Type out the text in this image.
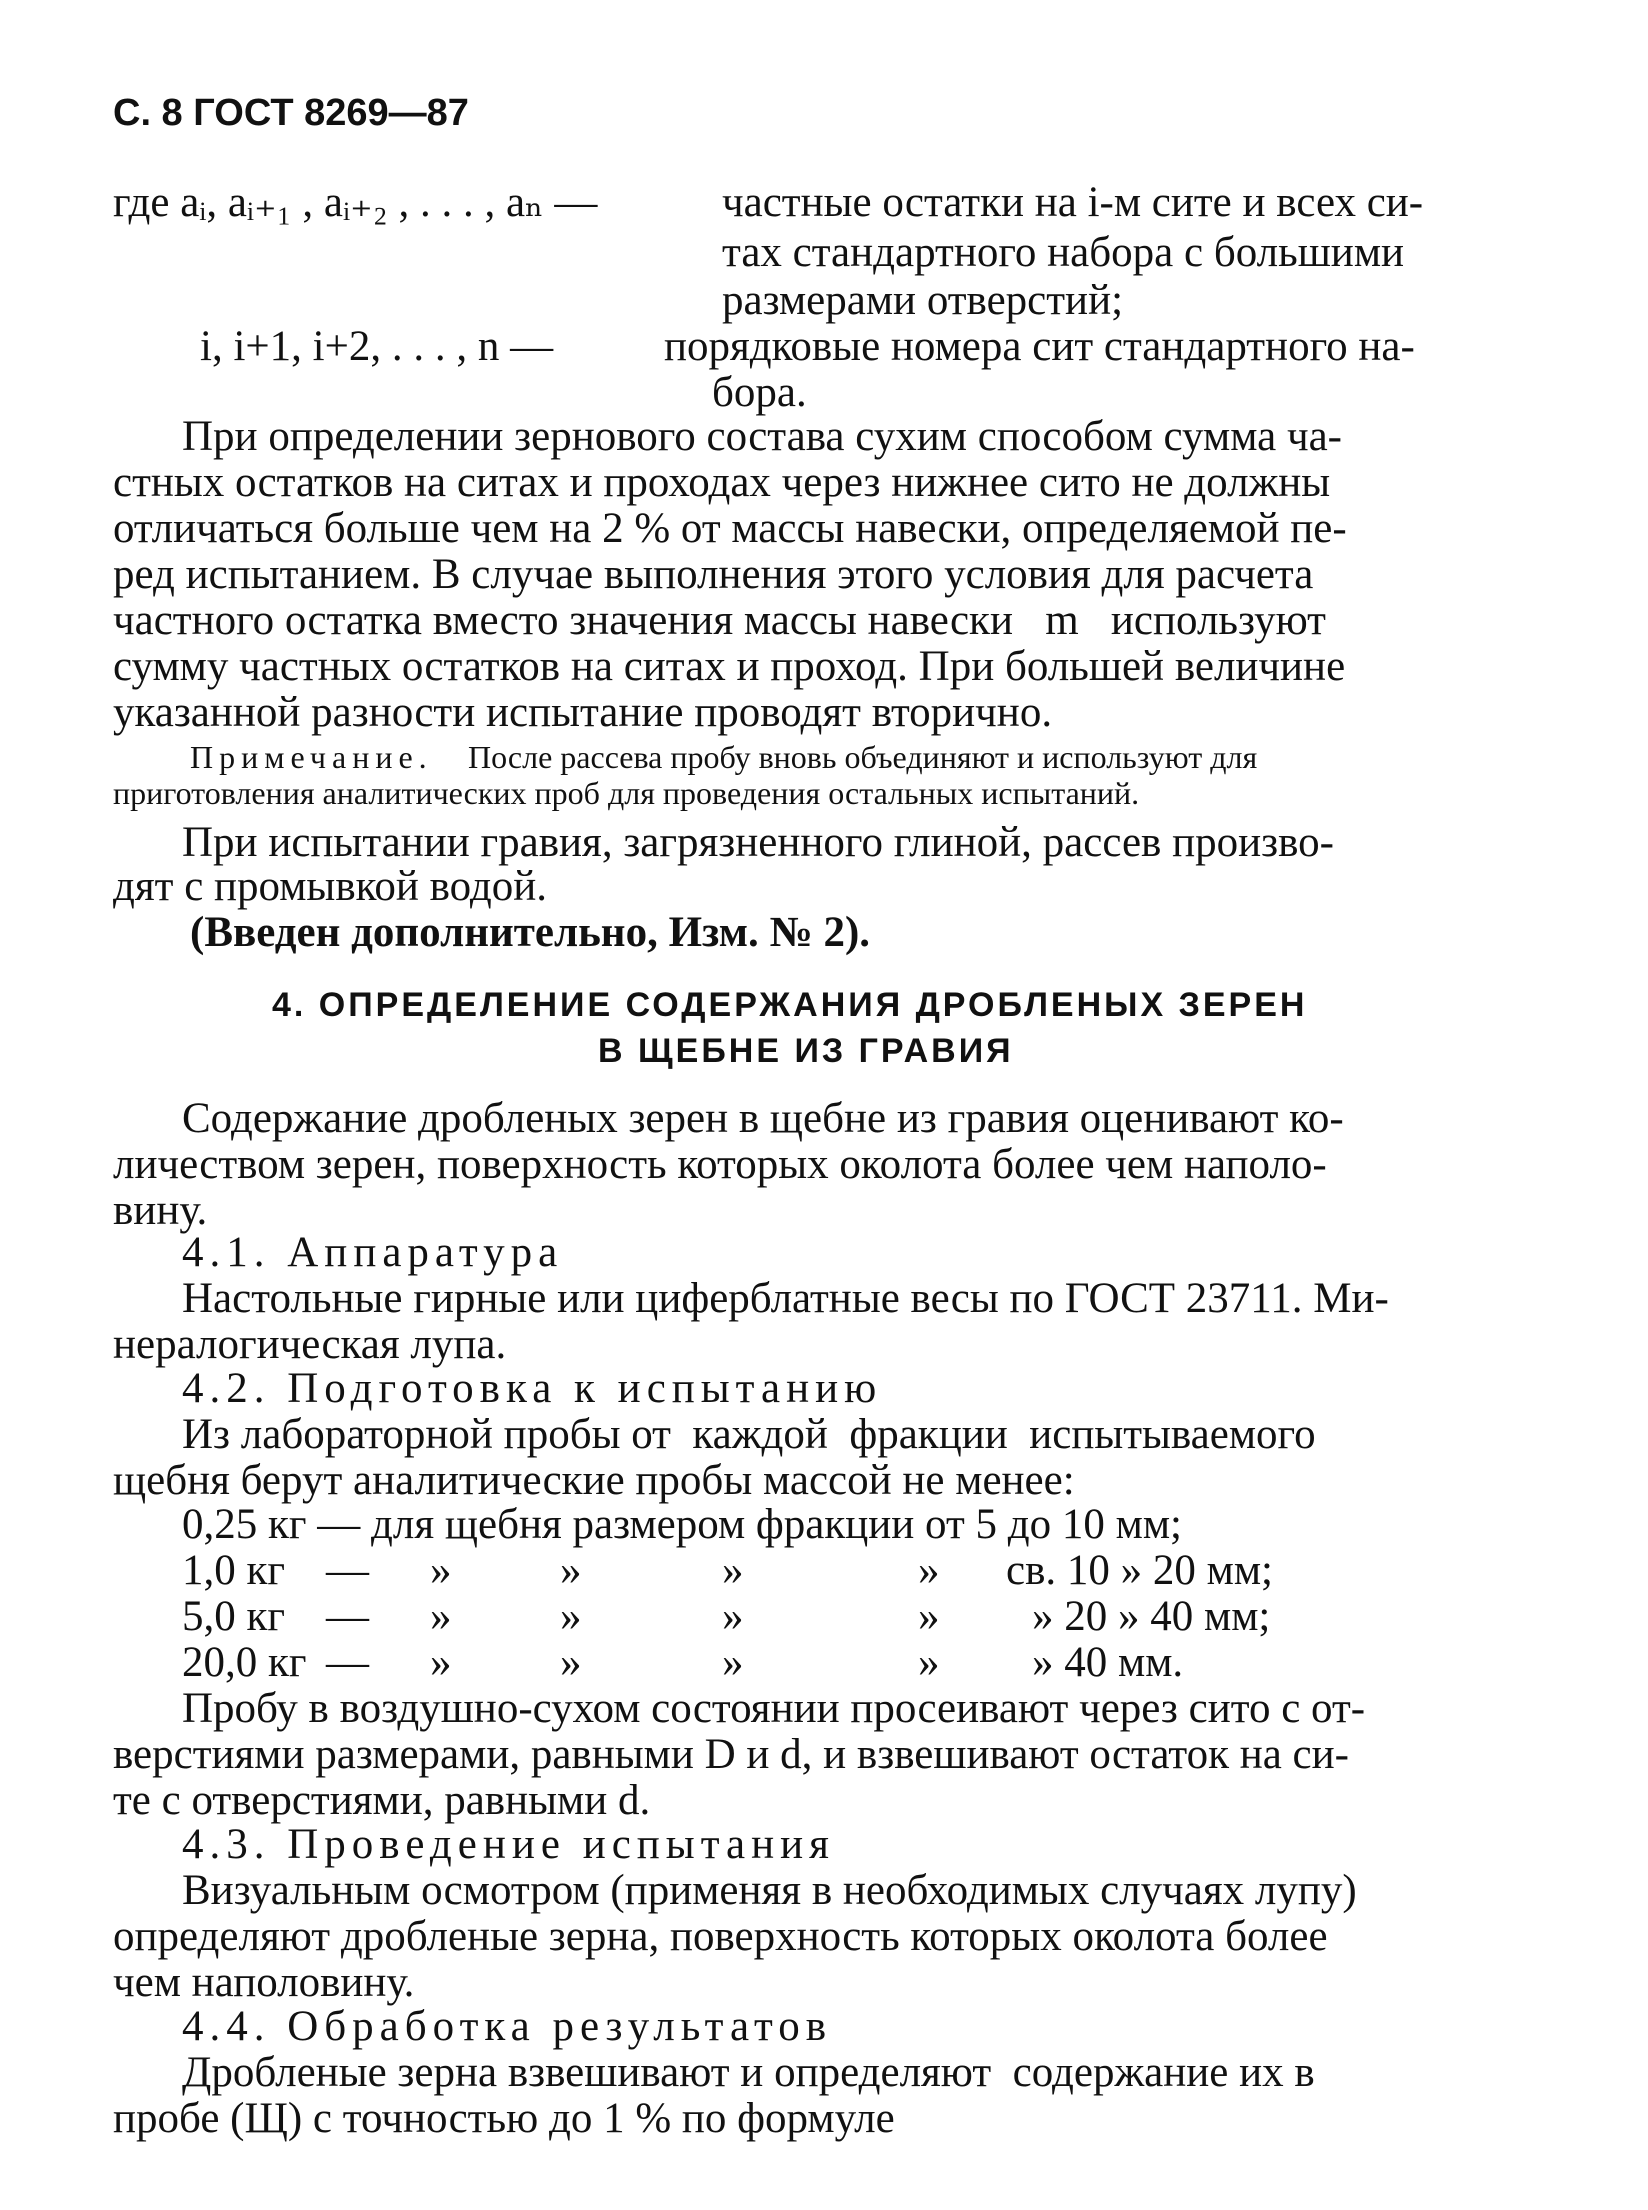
С. 8 ГОСТ 8269—87
где aᵢ, aᵢ₊₁ , aᵢ₊₂ , . . . , aₙ —	частные остатки на i-м сите и всех си-
тах стандартного набора с большими
размерами отверстий;
i, i+1, i+2, . . . , n —	порядковые номера сит стандартного на-
бора.
При определении зернового состава сухим способом сумма ча-
стных остатков на ситах и проходах через нижнее сито не должны
отличаться больше чем на 2 % от массы навески, определяемой пе-
ред испытанием. В случае выполнения этого условия для расчета
частного остатка вместо значения массы навески   m   используют
сумму частных остатков на ситах и проход. При большей величине
указанной разности испытание проводят вторично.
Примечание. После рассева пробу вновь объединяют и используют для
приготовления аналитических проб для проведения остальных испытаний.
При испытании гравия, загрязненного глиной, рассев произво-
дят с промывкой водой.
(Введен дополнительно, Изм. № 2).
4. ОПРЕДЕЛЕНИЕ СОДЕРЖАНИЯ ДРОБЛЕНЫХ ЗЕРЕН
В ЩЕБНЕ ИЗ ГРАВИЯ
Содержание дробленых зерен в щебне из гравия оценивают ко-
личеством зерен, поверхность которых околота более чем наполо-
вину.
4.1. Аппаратура
Настольные гирные или циферблатные весы по ГОСТ 23711. Ми-
нералогическая лупа.
4.2. Подготовка к испытанию
Из лабораторной пробы от  каждой  фракции  испытываемого
щебня берут аналитические пробы массой не менее:
0,25 кг — для щебня размером фракции от 5 до 10 мм;
1,0 кг — »	»	»	» св. 10 » 20 мм;
5,0 кг — »	»	»	» » 20 » 40 мм;
20,0 кг — »	»	»	» » 40 мм.
Пробу в воздушно-сухом состоянии просеивают через сито с от-
верстиями размерами, равными D и d, и взвешивают остаток на си-
те с отверстиями, равными d.
4.3. Проведение испытания
Визуальным осмотром (применяя в необходимых случаях лупу)
определяют дробленые зерна, поверхность которых околота более
чем наполовину.
4.4. Обработка результатов
Дробленые зерна взвешивают и определяют  содержание их в
пробе (Щ) с точностью до 1 % по формуле
